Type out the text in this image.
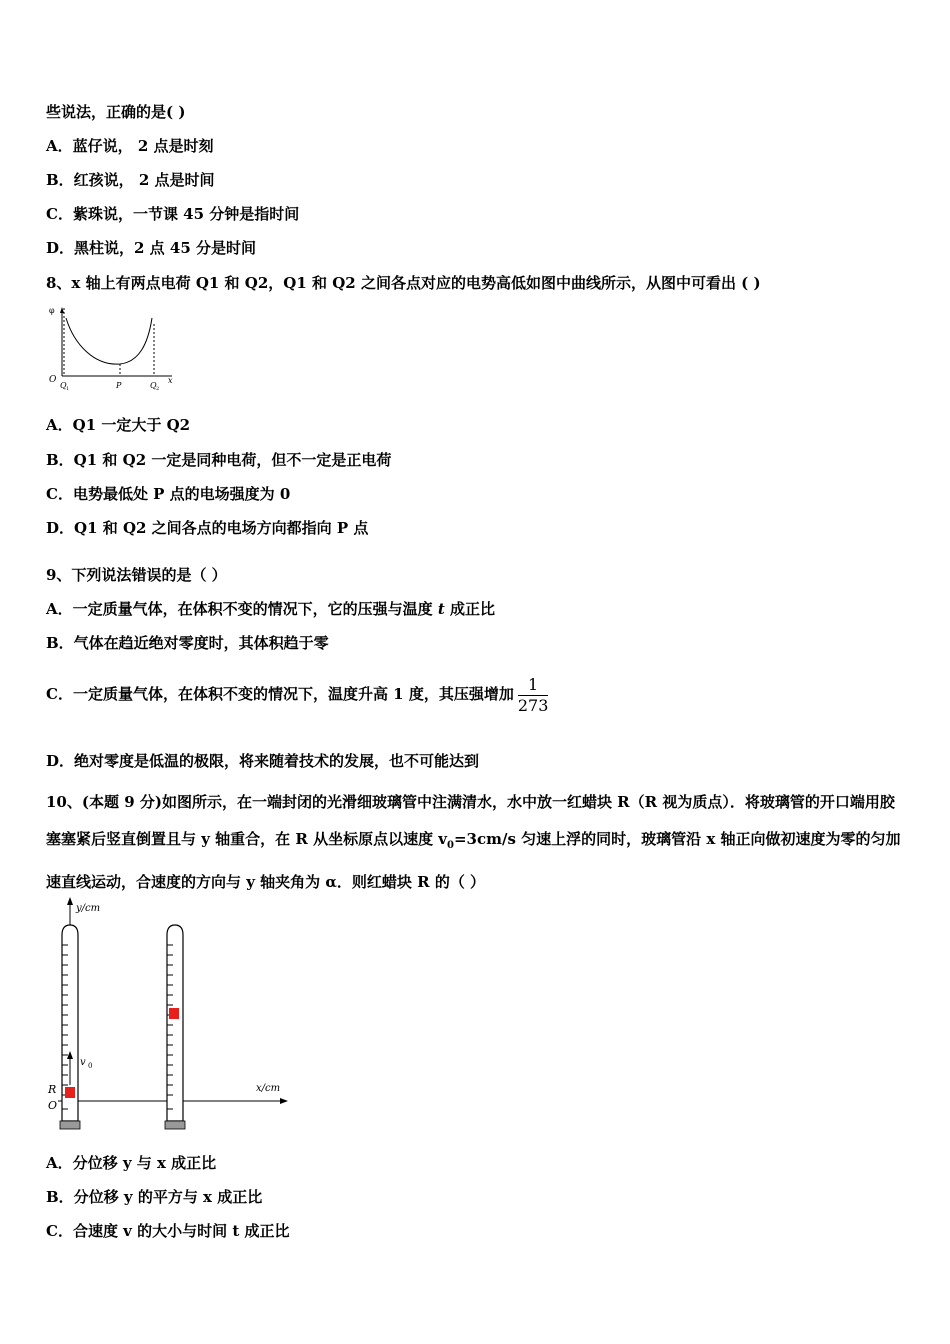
些说法，正确的是( )
A．蓝仔说， 2 点是时刻
B．红孩说， 2 点是时间
C．紫珠说，一节课 45 分钟是指时间
D．黑柱说，2 点 45 分是时间
8、x 轴上有两点电荷 Q1 和 Q2，Q1 和 Q2 之间各点对应的电势高低如图中曲线所示，从图中可看出 ( )
φ
O
Q 1	P	Q 2
x
A．Q1 一定大于 Q2
B．Q1 和 Q2 一定是同种电荷，但不一定是正电荷
C．电势最低处 P 点的电场强度为 0
D．Q1 和 Q2 之间各点的电场方向都指向 P 点
9、下列说法错误的是（ ）
A．一定质量气体，在体积不变的情况下，它的压强与温度 t 成正比
B．气体在趋近绝对零度时，其体积趋于零
C．一定质量气体，在体积不变的情况下，温度升高 1 度，其压强增加 $\frac{1}{273}$
D．绝对零度是低温的极限，将来随着技术的发展，也不可能达到
10、(本题 9 分)如图所示，在一端封闭的光滑细玻璃管中注满清水，水中放一红蜡块 R（R 视为质点）．将玻璃管的开口端用胶塞塞紧后竖直倒置且与 y 轴重合，在 R 从坐标原点以速度 $v_0=3cm/s$ 匀速上浮的同时，玻璃管沿 x 轴正向做初速度为零的匀加速直线运动，合速度的方向与 y 轴夹角为 α．则红蜡块 R 的（ ）
y/cm
x/cm
v 0
R
O
A．分位移 y 与 x 成正比
B．分位移 y 的平方与 x 成正比
C．合速度 v 的大小与时间 t 成正比
